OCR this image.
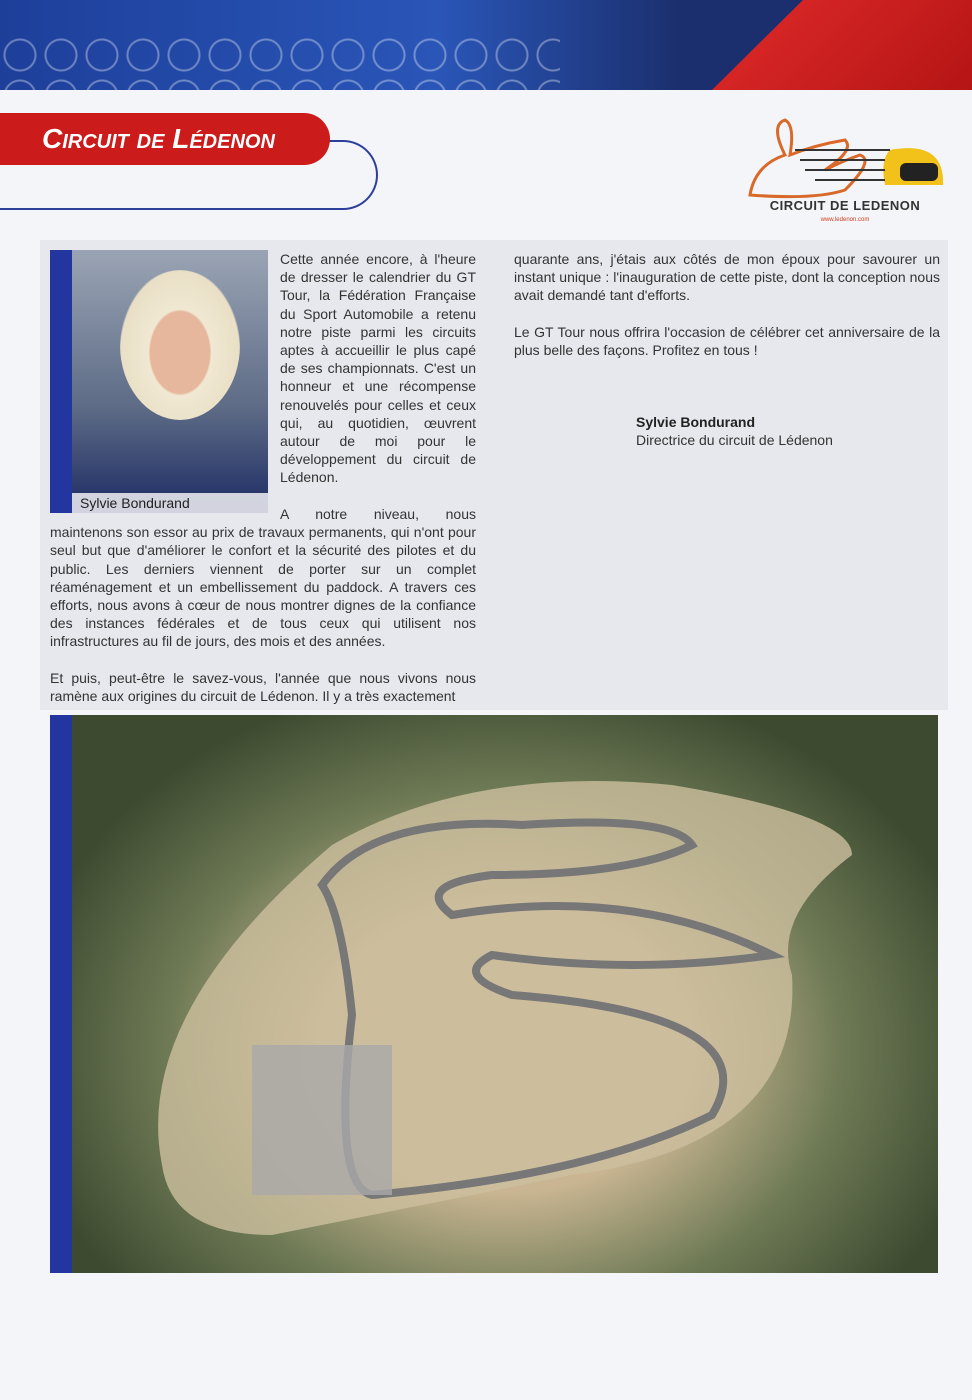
Circuit de Lédenon
CIRCUIT DE LEDENON
www.ledenon.com
Sylvie Bondurand

Cette année encore, à l'heure de dresser le calendrier du GT Tour, la Fédération Française du Sport Automobile a retenu notre piste parmi les circuits aptes à accueillir le plus capé de ses championnats. C'est un honneur et une récompense renouvelés pour celles et ceux qui, au quotidien, œuvrent autour de moi pour le développement du circuit de Lédenon.

A notre niveau, nous maintenons son essor au prix de travaux permanents, qui n'ont pour seul but que d'améliorer le confort et la sécurité des pilotes et du public. Les derniers viennent de porter sur un complet réaménagement et un embellissement du paddock. A travers ces efforts, nous avons à cœur de nous montrer dignes de la confiance des instances fédérales et de tous ceux qui utilisent nos infrastructures au fil de jours, des mois et des années.

Et puis, peut-être le savez-vous, l'année que nous vivons nous ramène aux origines du circuit de Lédenon. Il y a très exactement

quarante ans, j'étais aux côtés de mon époux pour savourer un instant unique : l'inauguration de cette piste, dont la conception nous avait demandé tant d'efforts.

Le GT Tour nous offrira l'occasion de célébrer cet anniversaire de la plus belle des façons. Profitez en tous !

Sylvie Bondurand
Directrice du circuit de Lédenon
